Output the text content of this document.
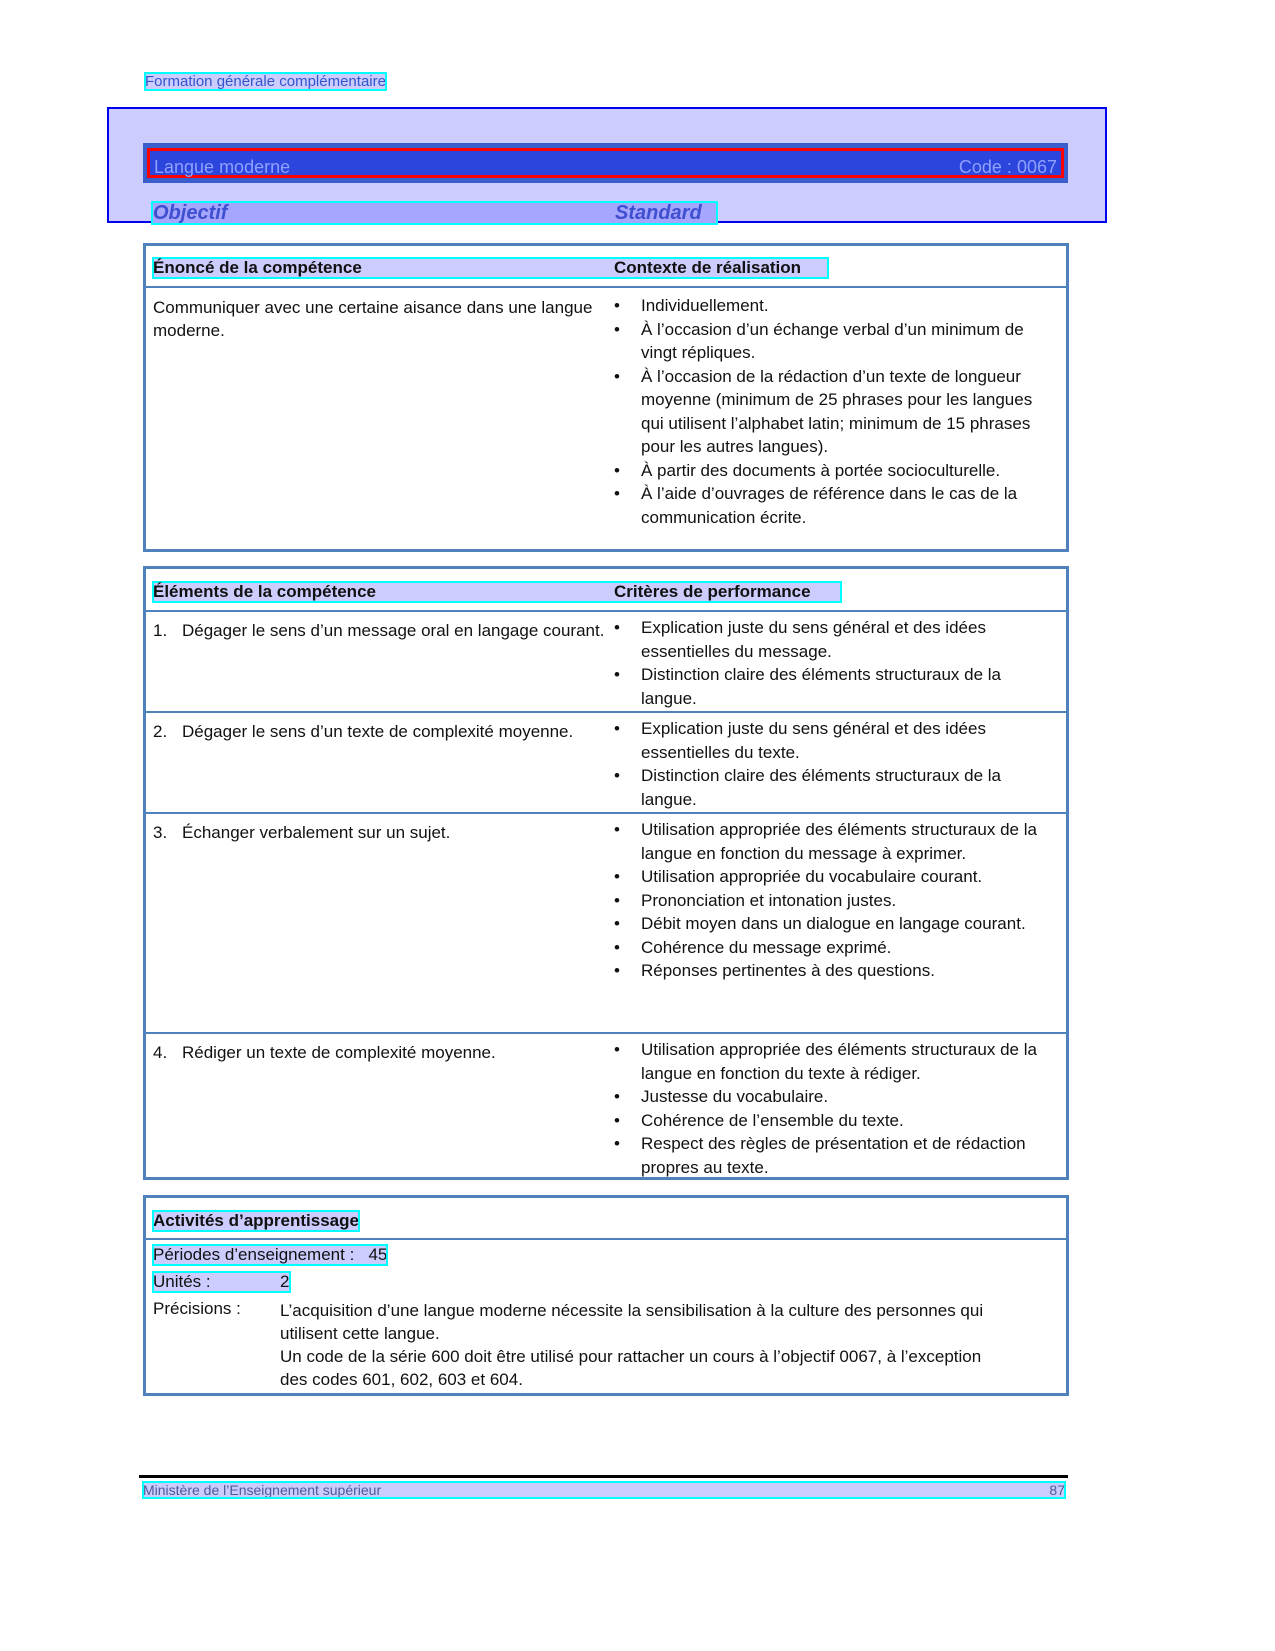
Formation générale complémentaire
Langue moderne	Code : 0067
Objectif	Standard
Énoncé de la compétence	Contexte de réalisation
Communiquer avec une certaine aisance dans une langue moderne.
• Individuellement.
• À l’occasion d’un échange verbal d’un minimum de vingt répliques.
• À l’occasion de la rédaction d’un texte de longueur moyenne (minimum de 25 phrases pour les langues qui utilisent l’alphabet latin; minimum de 15 phrases pour les autres langues).
• À partir des documents à portée socioculturelle.
• À l’aide d’ouvrages de référence dans le cas de la communication écrite.
Éléments de la compétence	Critères de performance
1. Dégager le sens d’un message oral en langage courant.	• Explication juste du sens général et des idées essentielles du message.
• Distinction claire des éléments structuraux de la langue.
2. Dégager le sens d’un texte de complexité moyenne.	• Explication juste du sens général et des idées essentielles du texte.
• Distinction claire des éléments structuraux de la langue.
3. Échanger verbalement sur un sujet.	• Utilisation appropriée des éléments structuraux de la langue en fonction du message à exprimer.
• Utilisation appropriée du vocabulaire courant.
• Prononciation et intonation justes.
• Débit moyen dans un dialogue en langage courant.
• Cohérence du message exprimé.
• Réponses pertinentes à des questions.
4. Rédiger un texte de complexité moyenne.	• Utilisation appropriée des éléments structuraux de la langue en fonction du texte à rédiger.
• Justesse du vocabulaire.
• Cohérence de l’ensemble du texte.
• Respect des règles de présentation et de rédaction propres au texte.
Activités d’apprentissage
Périodes d’enseignement : 45
Unités :	2
Précisions : L’acquisition d’une langue moderne nécessite la sensibilisation à la culture des personnes qui utilisent cette langue.
Un code de la série 600 doit être utilisé pour rattacher un cours à l’objectif 0067, à l’exception des codes 601, 602, 603 et 604.
Ministère de l’Enseignement supérieur	87
